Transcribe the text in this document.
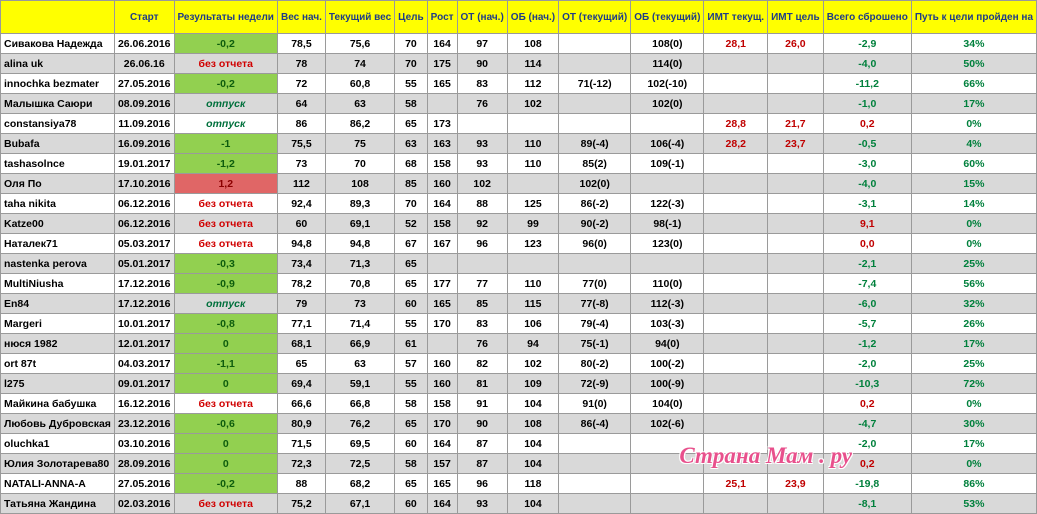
	Старт	Результаты недели	Вес нач.	Текущий вес	Цель	Рост	ОТ (нач.)	ОБ (нач.)	ОТ (текущий)	ОБ (текущий)	ИМТ текущ.	ИМТ цель	Всего сброшено	Путь к цели пройден на
Сивакова Надежда	26.06.2016	-0,2	78,5	75,6	70	164	97	108		108(0)	28,1	26,0	-2,9	34%
alina uk	26.06.16	без отчета	78	74	70	175	90	114		114(0)			-4,0	50%
innochka bezmater	27.05.2016	-0,2	72	60,8	55	165	83	112	71(-12)	102(-10)			-11,2	66%
Малышка Саюри	08.09.2016	отпуск	64	63	58		76	102		102(0)			-1,0	17%
constansiya78	11.09.2016	отпуск	86	86,2	65	173					28,8	21,7	0,2	0%
Bubafa	16.09.2016	-1	75,5	75	63	163	93	110	89(-4)	106(-4)	28,2	23,7	-0,5	4%
tashasolnce	19.01.2017	-1,2	73	70	68	158	93	110	85(2)	109(-1)			-3,0	60%
Оля По	17.10.2016	1,2	112	108	85	160	102		102(0)				-4,0	15%
taha nikita	06.12.2016	без отчета	92,4	89,3	70	164	88	125	86(-2)	122(-3)			-3,1	14%
Katze00	06.12.2016	без отчета	60	69,1	52	158	92	99	90(-2)	98(-1)			9,1	0%
Наталек71	05.03.2017	без отчета	94,8	94,8	67	167	96	123	96(0)	123(0)			0,0	0%
nastenka perova	05.01.2017	-0,3	73,4	71,3	65								-2,1	25%
MultiNiusha	17.12.2016	-0,9	78,2	70,8	65	177	77	110	77(0)	110(0)			-7,4	56%
En84	17.12.2016	отпуск	79	73	60	165	85	115	77(-8)	112(-3)			-6,0	32%
Margeri	10.01.2017	-0,8	77,1	71,4	55	170	83	106	79(-4)	103(-3)			-5,7	26%
нюся 1982	12.01.2017	0	68,1	66,9	61		76	94	75(-1)	94(0)			-1,2	17%
ort 87t	04.03.2017	-1,1	65	63	57	160	82	102	80(-2)	100(-2)			-2,0	25%
l275	09.01.2017	0	69,4	59,1	55	160	81	109	72(-9)	100(-9)			-10,3	72%
Майкина бабушка	16.12.2016	без отчета	66,6	66,8	58	158	91	104	91(0)	104(0)			0,2	0%
Любовь Дубровская	23.12.2016	-0,6	80,9	76,2	65	170	90	108	86(-4)	102(-6)			-4,7	30%
oluchka1	03.10.2016	0	71,5	69,5	60	164	87	104					-2,0	17%
Юлия Золотарева80	28.09.2016	0	72,3	72,5	58	157	87	104					0,2	0%
NATALI-ANNA-A	27.05.2016	-0,2	88	68,2	65	165	96	118			25,1	23,9	-19,8	86%
Татьяна Жандина	02.03.2016	без отчета	75,2	67,1	60	164	93	104					-8,1	53%
Страна Мам . ру
